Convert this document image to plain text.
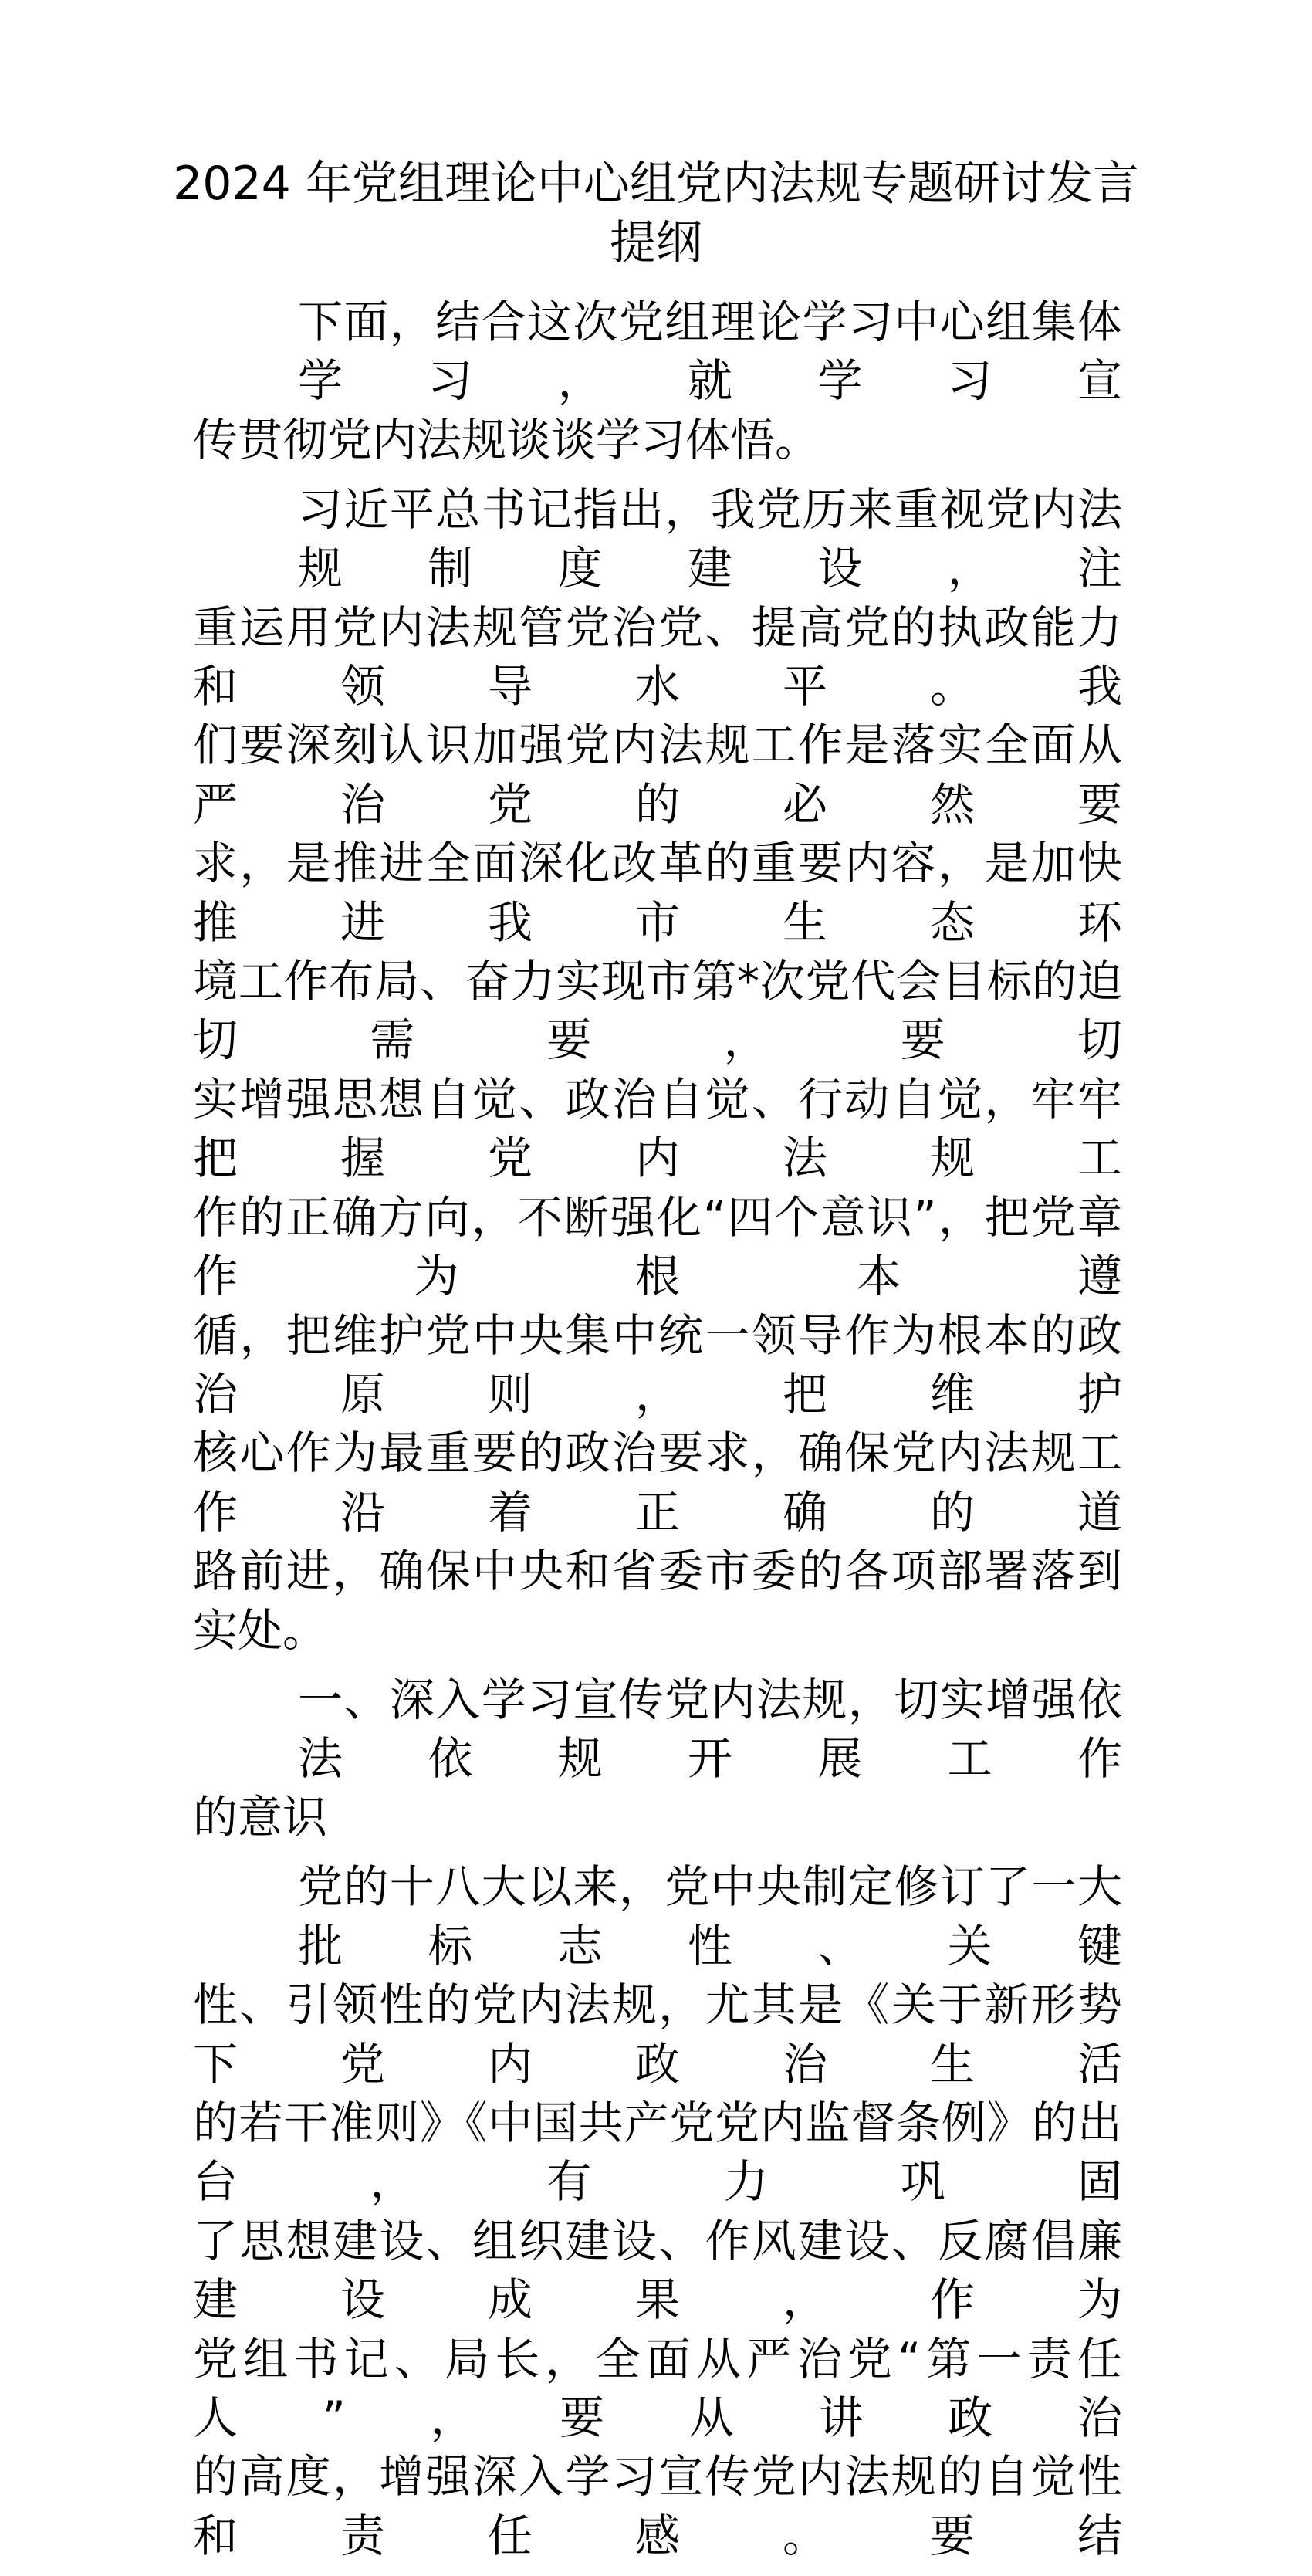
2024 年党组理论中心组党内法规专题研讨发言
提纲
下面，结合这次党组理论学习中心组集体学习，就学习宣
传贯彻党内法规谈谈学习体悟。
习近平总书记指出，我党历来重视党内法规制度建设，注
重运用党内法规管党治党、提高党的执政能力和领导水平。我
们要深刻认识加强党内法规工作是落实全面从严治党的必然要
求，是推进全面深化改革的重要内容，是加快推进我市生态环
境工作布局、奋力实现市第*次党代会目标的迫切需要，要切
实增强思想自觉、政治自觉、行动自觉，牢牢把握党内法规工
作的正确方向，不断强化“四个意识”，把党章作为根本遵
循，把维护党中央集中统一领导作为根本的政治原则，把维护
核心作为最重要的政治要求，确保党内法规工作沿着正确的道
路前进，确保中央和省委市委的各项部署落到实处。
一、深入学习宣传党内法规，切实增强依法依规开展工作
的意识
党的十八大以来，党中央制定修订了一大批标志性、关键
性、引领性的党内法规，尤其是《关于新形势下党内政治生活
的若干准则》《中国共产党党内监督条例》的出台，有力巩固
了思想建设、组织建设、作风建设、反腐倡廉建设成果，作为
党组书记、局长，全面从严治党“第一责任人”，要从讲政治
的高度，增强深入学习宣传党内法规的自觉性和责任感。要结
